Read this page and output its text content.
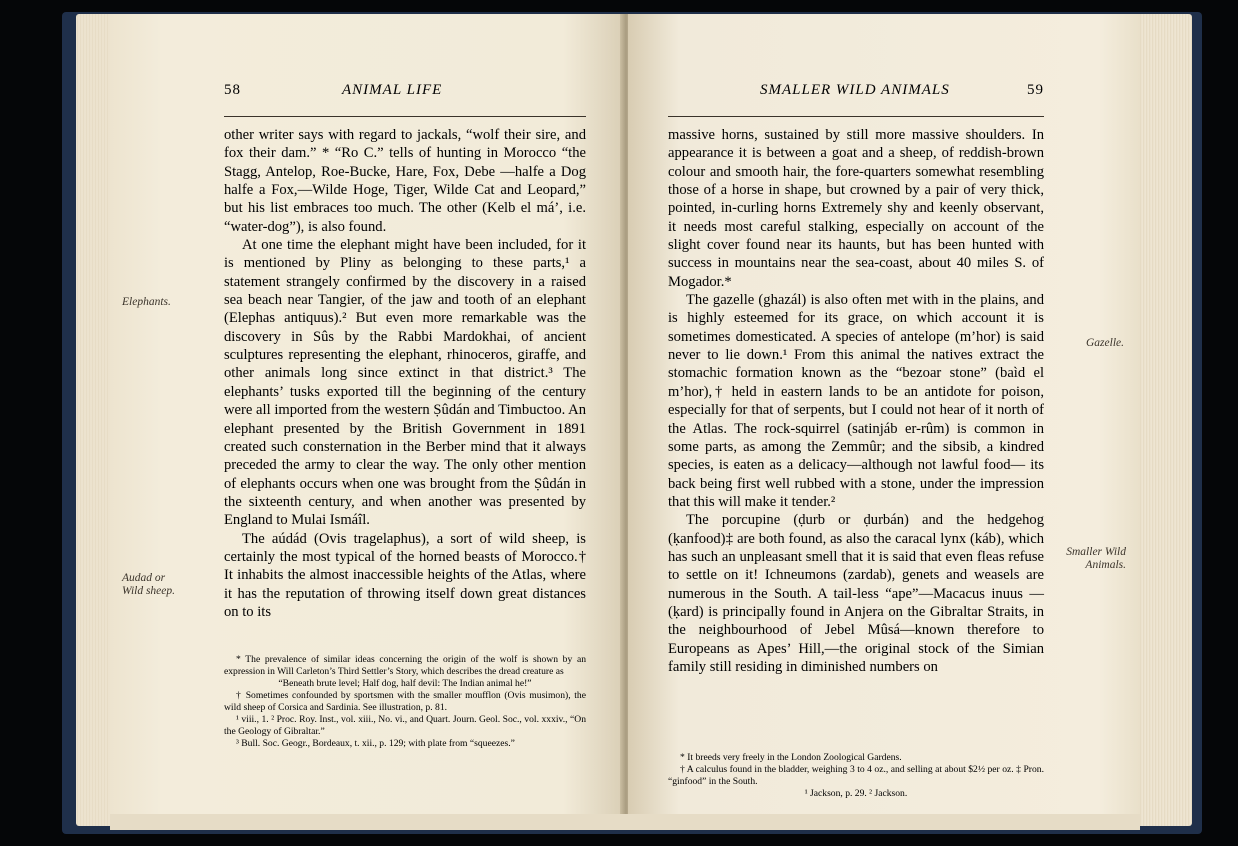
58	ANIMAL LIFE
Elephants.
Audad or Wild sheep.

other writer says with regard to jackals, “wolf their sire, and fox their dam.” * “Ro C.” tells of hunting in Morocco “the Stagg, Antelop, Roe-Bucke, Hare, Fox, Debe —halfe a Dog halfe a Fox,—Wilde Hoge, Tiger, Wilde Cat and Leopard,” but his list embraces too much. The other (Kelb el má’, i.e. “water-dog”), is also found.

At one time the elephant might have been included, for it is mentioned by Pliny as belonging to these parts,¹ a statement strangely confirmed by the discovery in a raised sea beach near Tangier, of the jaw and tooth of an elephant (Elephas antiquus).² But even more remarkable was the discovery in Sûs by the Rabbi Mardokhai, of ancient sculptures representing the elephant, rhinoceros, giraffe, and other animals long since extinct in that district.³ The elephants’ tusks exported till the beginning of the century were all imported from the western Ṣûdán and Timbuctoo. An elephant presented by the British Government in 1891 created such consternation in the Berber mind that it always preceded the army to clear the way. The only other mention of elephants occurs when one was brought from the Ṣûdán in the sixteenth century, and when another was presented by England to Mulai Ismáîl.

The aúdád (Ovis tragelaphus), a sort of wild sheep, is certainly the most typical of the horned beasts of Morocco.† It inhabits the almost inaccessible heights of the Atlas, where it has the reputation of throwing itself down great distances on to its

* The prevalence of similar ideas concerning the origin of the wolf is shown by an expression in Will Carleton’s Third Settler’s Story, which describes the dread creature as

“Beneath brute level; Half dog, half devil: The Indian animal he!”

† Sometimes confounded by sportsmen with the smaller moufflon (Ovis musimon), the wild sheep of Corsica and Sardinia. See illustration, p. 81.

¹ viii., 1. ² Proc. Roy. Inst., vol. xiii., No. vi., and Quart. Journ. Geol. Soc., vol. xxxiv., “On the Geology of Gibraltar.”

³ Bull. Soc. Geogr., Bordeaux, t. xii., p. 129; with plate from “squeezes.”

SMALLER WILD ANIMALS	59
Gazelle.
Smaller Wild Animals.

massive horns, sustained by still more massive shoulders. In appearance it is between a goat and a sheep, of reddish-brown colour and smooth hair, the fore-quarters somewhat resembling those of a horse in shape, but crowned by a pair of very thick, pointed, in-curling horns Extremely shy and keenly observant, it needs most careful stalking, especially on account of the slight cover found near its haunts, but has been hunted with success in mountains near the sea-coast, about 40 miles S. of Mogador.*

The gazelle (ghazál) is also often met with in the plains, and is highly esteemed for its grace, on which account it is sometimes domesticated. A species of antelope (m’hor) is said never to lie down.¹ From this animal the natives extract the stomachic formation known as the “bezoar stone” (baìd el m’hor),† held in eastern lands to be an antidote for poison, especially for that of serpents, but I could not hear of it north of the Atlas. The rock-squirrel (satinjáb er-rûm) is common in some parts, as among the Zemmûr; and the sibsib, a kindred species, is eaten as a delicacy—although not lawful food— its back being first well rubbed with a stone, under the impression that this will make it tender.²

The porcupine (ḍurb or ḍurbán) and the hedgehog (ḳanfood)‡ are both found, as also the caracal lynx (káb), which has such an unpleasant smell that it is said that even fleas refuse to settle on it! Ichneumons (zardab), genets and weasels are numerous in the South. A tail-less “ape”—Macacus inuus —(ḳard) is principally found in Anjera on the Gibraltar Straits, in the neighbourhood of Jebel Mûsá—known therefore to Europeans as Apes’ Hill,—the original stock of the Simian family still residing in diminished numbers on

* It breeds very freely in the London Zoological Gardens.

† A calculus found in the bladder, weighing 3 to 4 oz., and selling at about $2½ per oz. ‡ Pron. “ginfood” in the South.

¹ Jackson, p. 29. ² Jackson.
